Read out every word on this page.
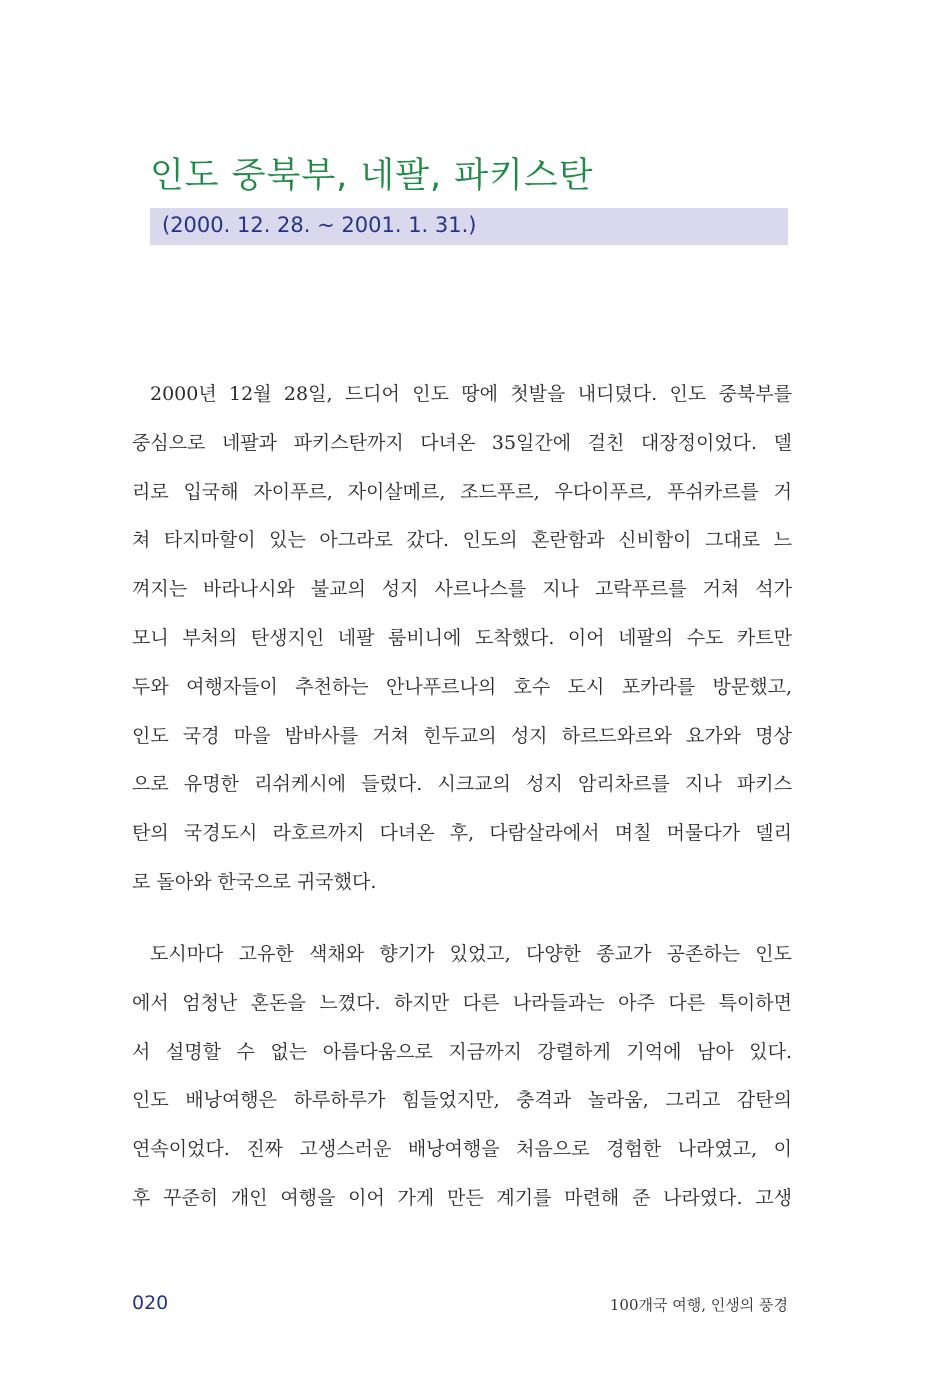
인도 중북부, 네팔, 파키스탄
(2000. 12. 28. ~ 2001. 1. 31.)
2000년 12월 28일, 드디어 인도 땅에 첫발을 내디뎠다. 인도 중북부를
중심으로 네팔과 파키스탄까지 다녀온 35일간에 걸친 대장정이었다. 델
리로 입국해 자이푸르, 자이살메르, 조드푸르, 우다이푸르, 푸쉬카르를 거
쳐 타지마할이 있는 아그라로 갔다. 인도의 혼란함과 신비함이 그대로 느
껴지는 바라나시와 불교의 성지 사르나스를 지나 고락푸르를 거쳐 석가
모니 부처의 탄생지인 네팔 룸비니에 도착했다. 이어 네팔의 수도 카트만
두와 여행자들이 추천하는 안나푸르나의 호수 도시 포카라를 방문했고,
인도 국경 마을 밤바사를 거쳐 힌두교의 성지 하르드와르와 요가와 명상
으로 유명한 리쉬케시에 들렀다. 시크교의 성지 암리차르를 지나 파키스
탄의 국경도시 라호르까지 다녀온 후, 다람살라에서 며칠 머물다가 델리
로 돌아와 한국으로 귀국했다.
도시마다 고유한 색채와 향기가 있었고, 다양한 종교가 공존하는 인도
에서 엄청난 혼돈을 느꼈다. 하지만 다른 나라들과는 아주 다른 특이하면
서 설명할 수 없는 아름다움으로 지금까지 강렬하게 기억에 남아 있다.
인도 배낭여행은 하루하루가 힘들었지만, 충격과 놀라움, 그리고 감탄의
연속이었다. 진짜 고생스러운 배낭여행을 처음으로 경험한 나라였고, 이
후 꾸준히 개인 여행을 이어 가게 만든 계기를 마련해 준 나라였다. 고생
020	100개국 여행, 인생의 풍경
